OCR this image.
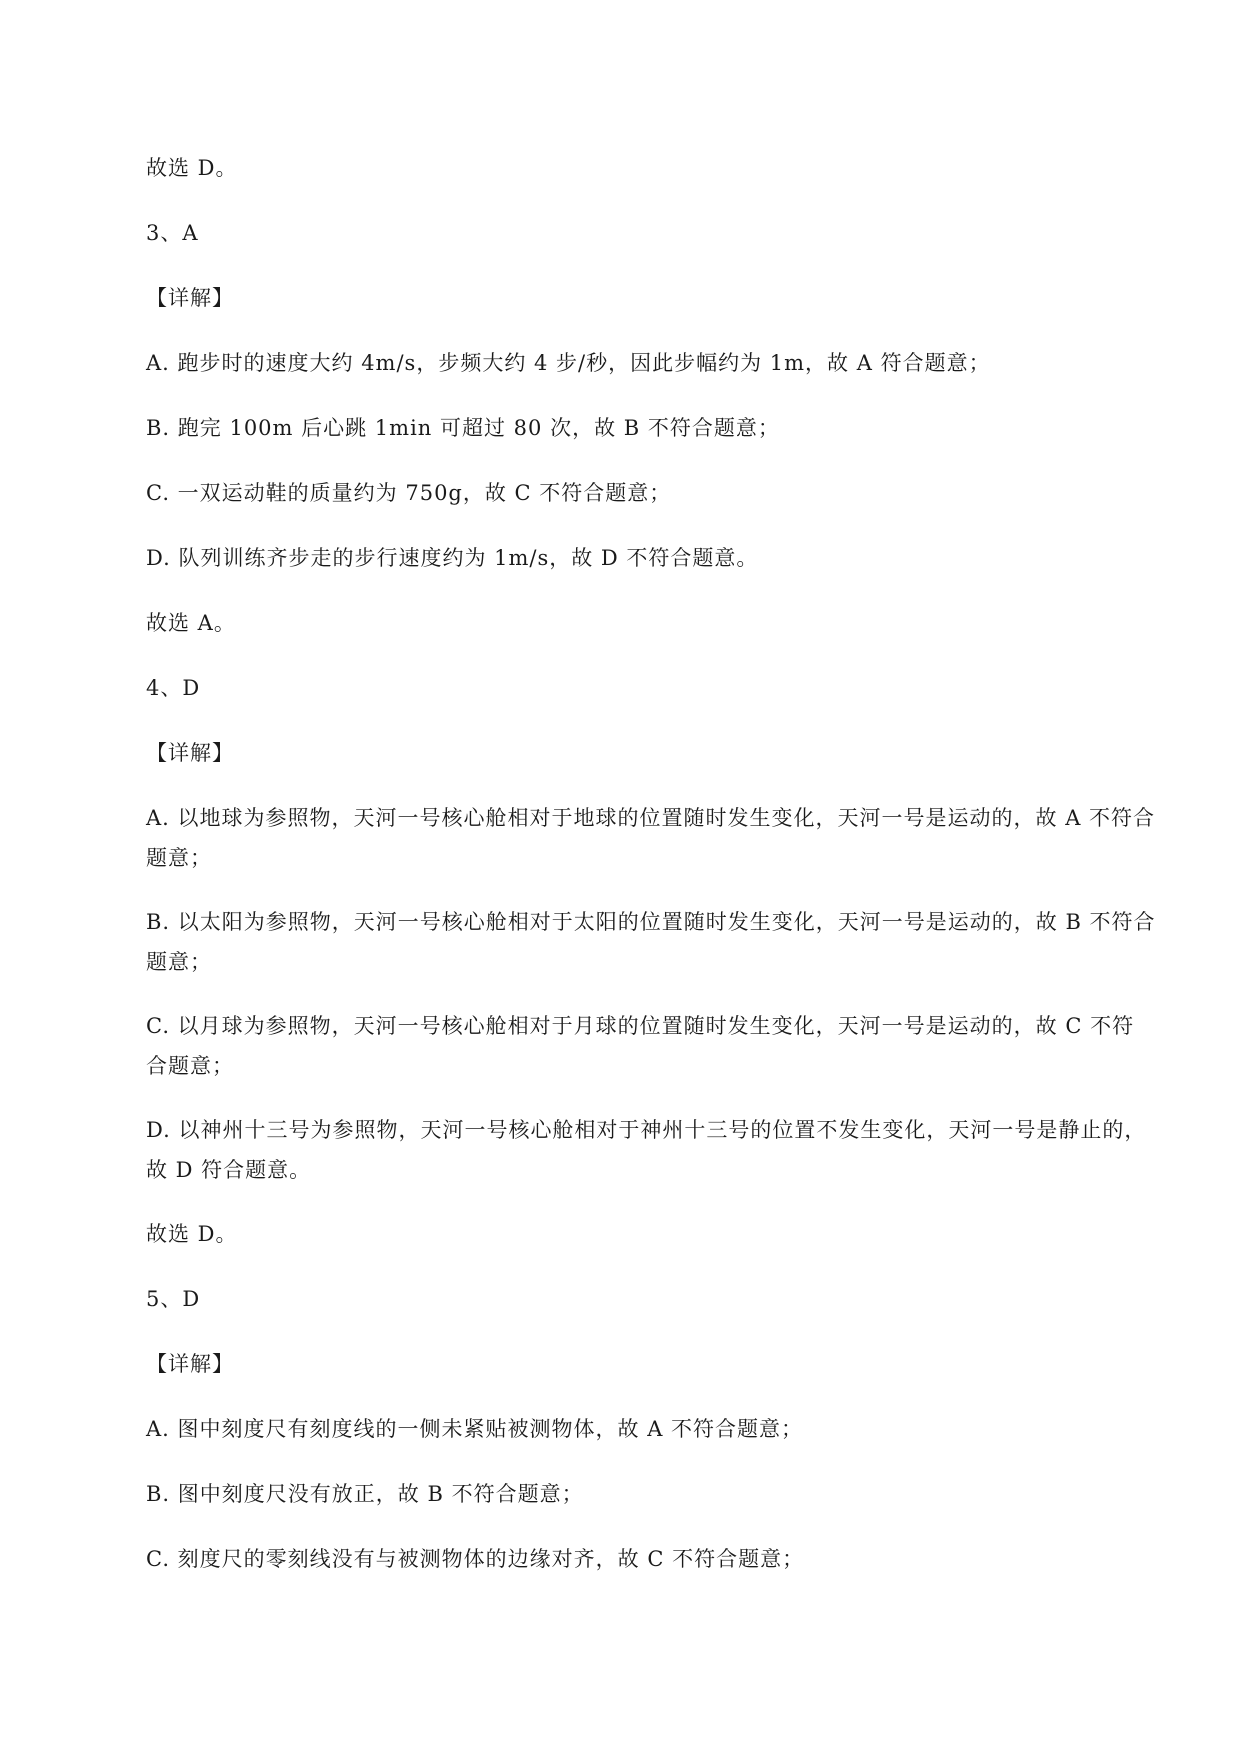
故选 D。

3、A

【详解】

A. 跑步时的速度大约 4m/s，步频大约 4 步/秒，因此步幅约为 1m，故 A 符合题意；

B. 跑完 100m 后心跳 1min 可超过 80 次，故 B 不符合题意；

C. 一双运动鞋的质量约为 750g，故 C 不符合题意；

D. 队列训练齐步走的步行速度约为 1m/s，故 D 不符合题意。

故选 A。

4、D

【详解】

A. 以地球为参照物，天河一号核心舱相对于地球的位置随时发生变化，天河一号是运动的，故 A 不符合题意；

B. 以太阳为参照物，天河一号核心舱相对于太阳的位置随时发生变化，天河一号是运动的，故 B 不符合题意；

C. 以月球为参照物，天河一号核心舱相对于月球的位置随时发生变化，天河一号是运动的，故 C 不符合题意；

D. 以神州十三号为参照物，天河一号核心舱相对于神州十三号的位置不发生变化，天河一号是静止的，故 D 符合题意。

故选 D。

5、D

【详解】

A. 图中刻度尺有刻度线的一侧未紧贴被测物体，故 A 不符合题意；

B. 图中刻度尺没有放正，故 B 不符合题意；

C. 刻度尺的零刻线没有与被测物体的边缘对齐，故 C 不符合题意；
